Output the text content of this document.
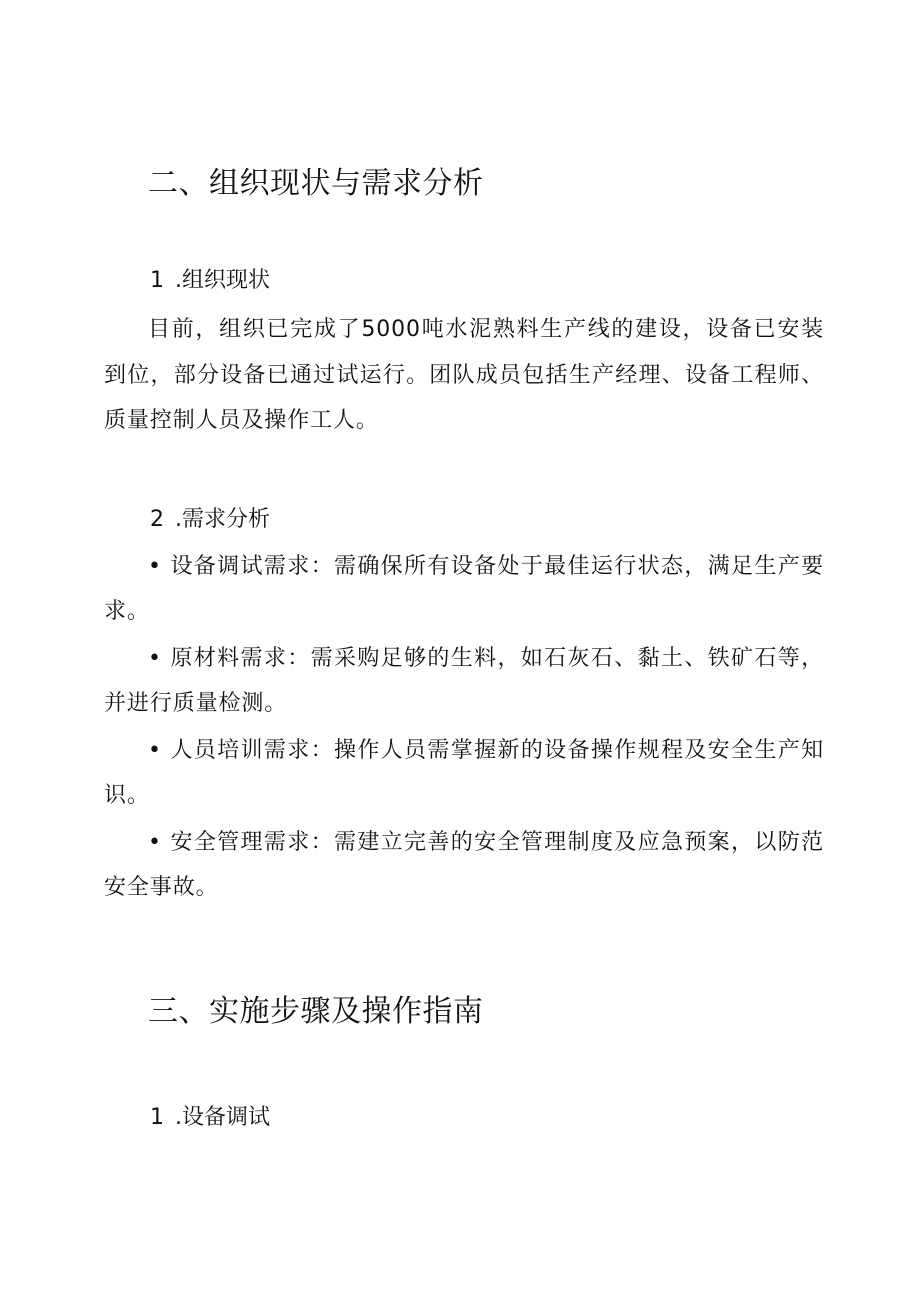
二、组织现状与需求分析
1 .组织现状

目前，组织已完成了5000吨水泥熟料生产线的建设，设备已安装到位，部分设备已通过试运行。团队成员包括生产经理、设备工程师、质量控制人员及操作工人。

2 .需求分析

• 设备调试需求：需确保所有设备处于最佳运行状态，满足生产要求。

• 原材料需求：需采购足够的生料，如石灰石、黏土、铁矿石等，并进行质量检测。

• 人员培训需求：操作人员需掌握新的设备操作规程及安全生产知识。

• 安全管理需求：需建立完善的安全管理制度及应急预案，以防范安全事故。

三、实施步骤及操作指南
1 .设备调试
